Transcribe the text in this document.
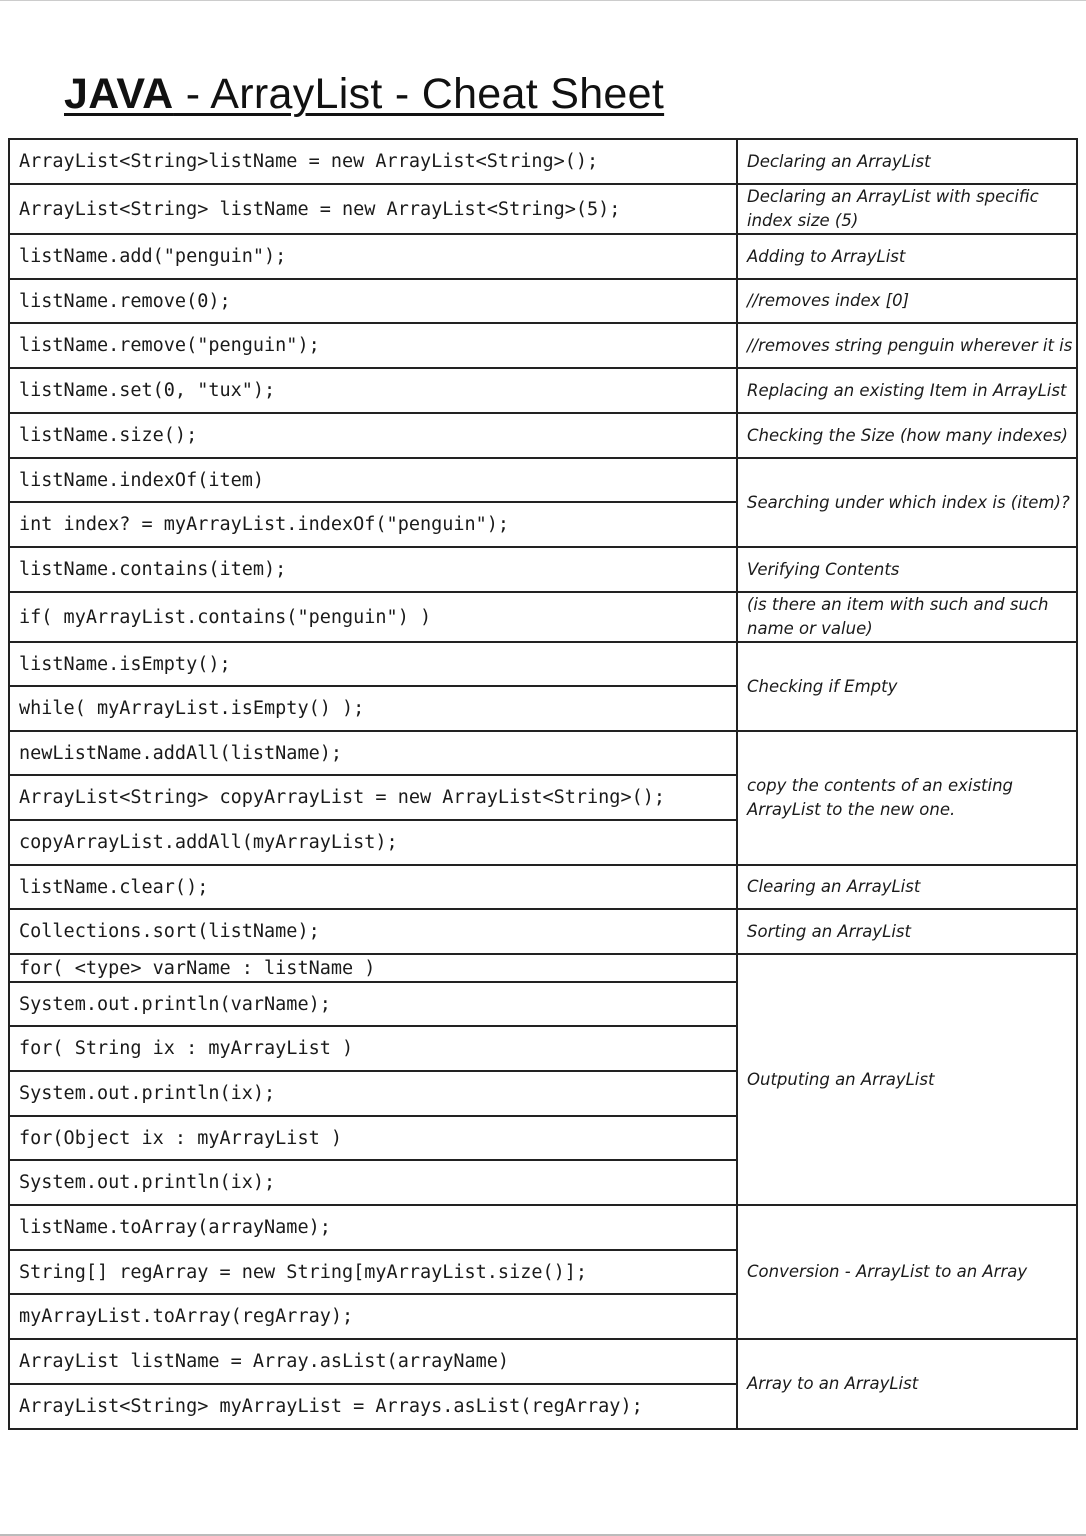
JAVA - ArrayList - Cheat Sheet
ArrayList<String>listName = new ArrayList<String>();	Declaring an ArrayList
ArrayList<String> listName = new ArrayList<String>(5);	Declaring an ArrayList with specific index size (5)
listName.add("penguin");	Adding to ArrayList
listName.remove(0);	//removes index [0]
listName.remove("penguin");	//removes string penguin wherever it is
listName.set(0, "tux");	Replacing an existing Item in ArrayList
listName.size();	Checking the Size (how many indexes)
listName.indexOf(item)	Searching under which index is (item)?
int index? = myArrayList.indexOf("penguin");	
listName.contains(item);	Verifying Contents
if( myArrayList.contains("penguin") )	(is there an item with such and such name or value)
listName.isEmpty();	Checking if Empty
while( myArrayList.isEmpty() );	
newListName.addAll(listName);	copy the contents of an existing ArrayList to the new one.
ArrayList<String> copyArrayList = new ArrayList<String>();	
copyArrayList.addAll(myArrayList);	
listName.clear();	Clearing an ArrayList
Collections.sort(listName);	Sorting an ArrayList
for( <type> varName : listName )	Outputing an ArrayList
System.out.println(varName);	
for( String ix : myArrayList )	
System.out.println(ix);	
for(Object ix : myArrayList )	
System.out.println(ix);	
listName.toArray(arrayName);	Conversion - ArrayList to an Array
String[] regArray = new String[myArrayList.size()];	
myArrayList.toArray(regArray);	
ArrayList listName = Array.asList(arrayName)	Array to an ArrayList
ArrayList<String> myArrayList = Arrays.asList(regArray);	
